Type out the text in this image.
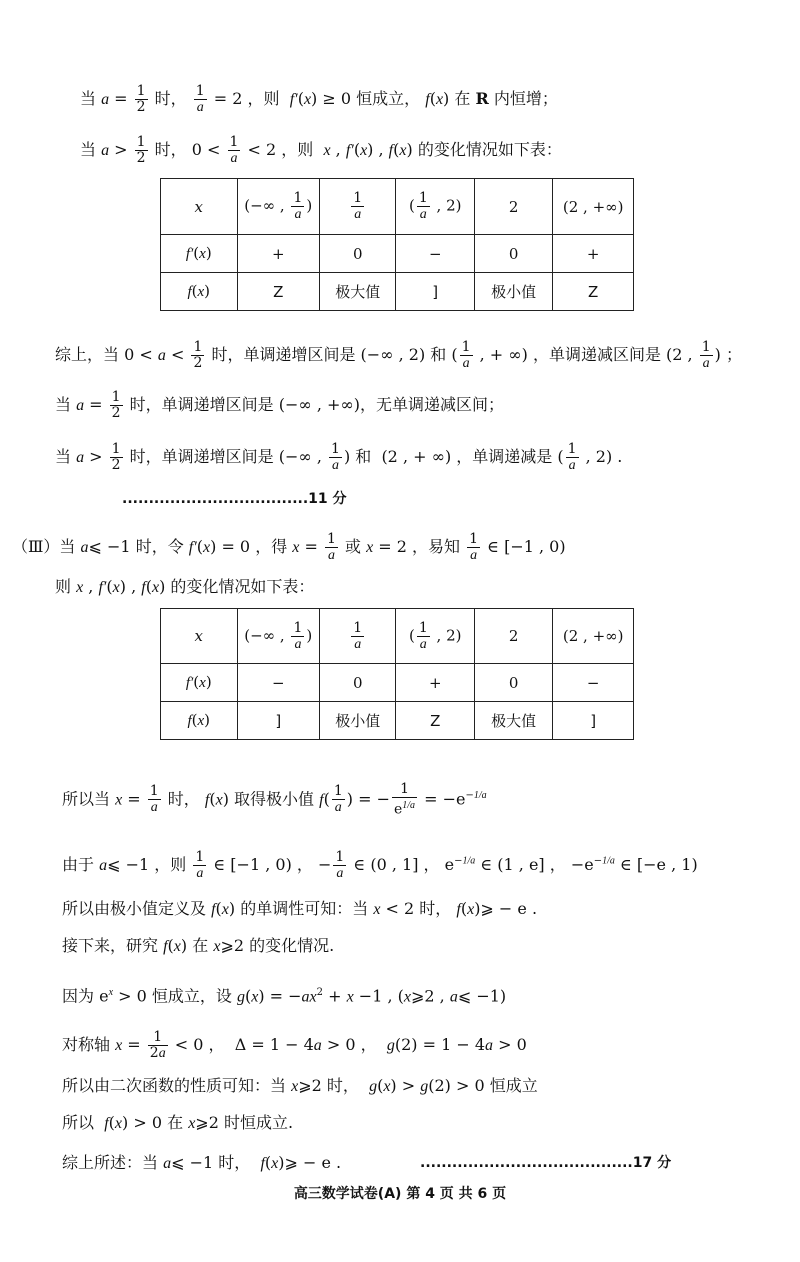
当 $a = \frac{1}{2}$ 时， $\frac{1}{a} = 2$ ，则  f′(x) ≥ 0 恒成立， f(x) 在 R 内恒增；
当 $a > \frac{1}{2}$ 时， $0 < \frac{1}{a} < 2$ ，则  x , f′(x) , f(x) 的变化情况如下表：
x	(−∞ , $\frac{1}{a}$ )	$\frac{1}{a}$	( $\frac{1}{a}$ , 2)	2	(2 , +∞)
f′(x)	+	0	−	0	+
f(x)	Z	极大值	]	极小值	Z
综上，当 $0 < a < \frac{1}{2}$ 时，单调递增区间是 (−∞ , 2) 和 ( $\frac{1}{a}$ , + ∞) ，单调递减区间是 (2 , $\frac{1}{a}$ ) ；
当 $a = \frac{1}{2}$ 时，单调递增区间是 (−∞ , +∞)，无单调递减区间；
当 $a > \frac{1}{2}$ 时，单调递增区间是 (−∞ , $\frac{1}{a}$ ) 和  (2 , + ∞) ，单调递减是 ( $\frac{1}{a}$ , 2) .
...................................11 分
（Ⅲ）当 a⩽ −1 时，令 f′(x) = 0 ，得 $x = \frac{1}{a}$ 或 x = 2 ，易知 $\frac{1}{a}$ ∈ [−1 , 0)
则 x , f′(x) , f(x) 的变化情况如下表：
x	(−∞ , $\frac{1}{a}$ )	$\frac{1}{a}$	( $\frac{1}{a}$ , 2)	2	(2 , +∞)
f′(x)	−	0	+	0	−
f(x)	]	极小值	Z	极大值	]
所以当 $x = \frac{1}{a}$ 时， f(x) 取得极小值 $f( \frac{1}{a}$ ) = − $\frac{1}{e^{1/a}} = -e^{-1/a}$
由于 a⩽ −1 ，则 $\frac{1}{a}$ ∈ [−1 , 0) ， − $\frac{1}{a}$ ∈ (0 , 1] ， $e^{-1/a}$ ∈ (1 , e] ， $-e^{-1/a}$ ∈ [−e , 1)
所以由极小值定义及 f(x) 的单调性可知：当 x < 2 时， f(x)⩾ − e .
接下来，研究 f(x) 在 x⩾2 的变化情况.
因为 $e^x > 0$ 恒成立，设 $g(x) = -ax^2 + x -1$ , (x⩾2 , a⩽ −1)
对称轴 $x = \frac{1}{2a} < 0$ ，  Δ = 1 − 4a > 0 ，  g(2) = 1 − 4a > 0
所以由二次函数的性质可知：当 x⩾2 时，  g(x) > g(2) > 0 恒成立
所以  f(x) > 0 在 x⩾2 时恒成立.
综上所述：当 a⩽ −1 时，  f(x)⩾ − e .	........................................17 分
高三数学试卷(A) 第 4 页 共 6 页
